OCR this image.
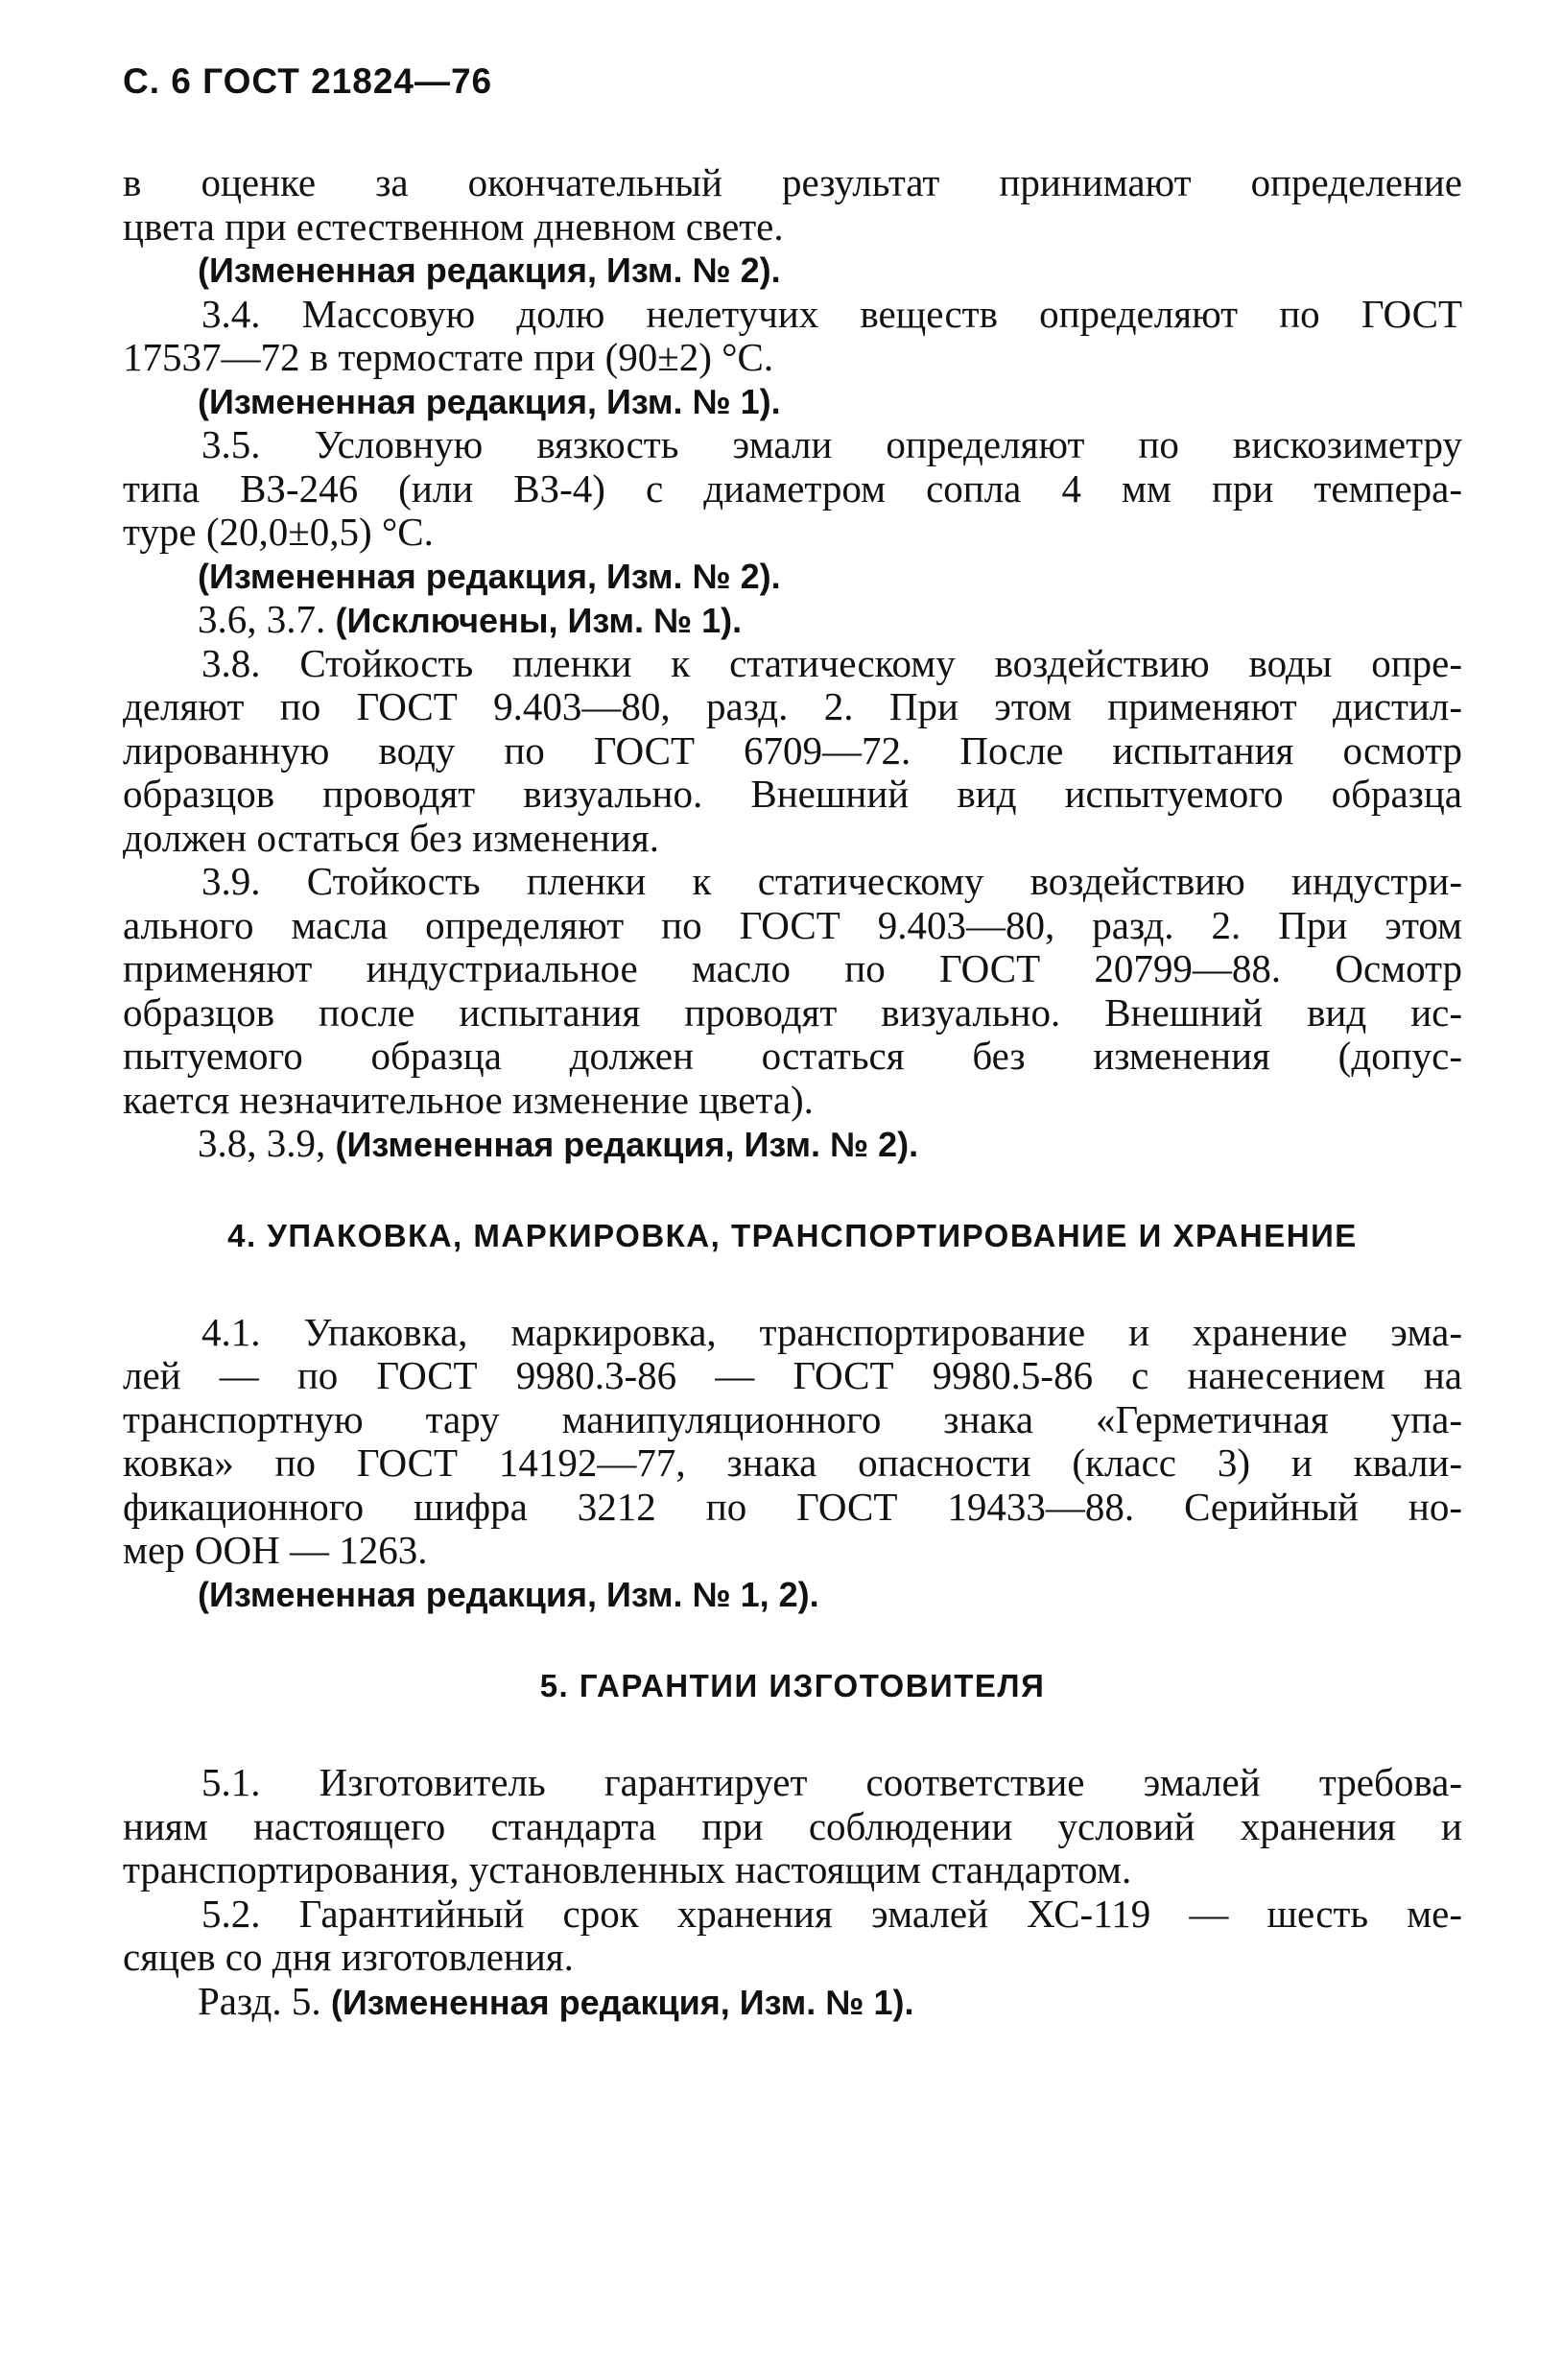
С. 6 ГОСТ 21824—76
в оценке за окончательный результат принимают определение
цвета при естественном дневном свете.
(Измененная редакция, Изм. № 2).
3.4. Массовую долю нелетучих веществ определяют по ГОСТ
17537—72 в термостате при (90±2) °С.
(Измененная редакция, Изм. № 1).
3.5. Условную вязкость эмали определяют по вискозиметру
типа ВЗ-246 (или ВЗ-4) с диаметром сопла 4 мм при темпера-
туре (20,0±0,5) °С.
(Измененная редакция, Изм. № 2).
3.6, 3.7. (Исключены, Изм. № 1).
3.8. Стойкость пленки к статическому воздействию воды опре-
деляют по ГОСТ 9.403—80, разд. 2. При этом применяют дистил-
лированную воду по ГОСТ 6709—72. После испытания осмотр
образцов проводят визуально. Внешний вид испытуемого образца
должен остаться без изменения.
3.9. Стойкость пленки к статическому воздействию индустри-
ального масла определяют по ГОСТ 9.403—80, разд. 2. При этом
применяют индустриальное масло по ГОСТ 20799—88. Осмотр
образцов после испытания проводят визуально. Внешний вид ис-
пытуемого образца должен остаться без изменения (допус-
кается незначительное изменение цвета).
3.8, 3.9, (Измененная редакция, Изм. № 2).
4. УПАКОВКА, МАРКИРОВКА, ТРАНСПОРТИРОВАНИЕ И ХРАНЕНИЕ
4.1. Упаковка, маркировка, транспортирование и хранение эма-
лей — по ГОСТ 9980.3-86 — ГОСТ 9980.5-86 с нанесением на
транспортную тару манипуляционного знака «Герметичная упа-
ковка» по ГОСТ 14192—77, знака опасности (класс 3) и квали-
фикационного шифра 3212 по ГОСТ 19433—88. Серийный но-
мер ООН — 1263.
(Измененная редакция, Изм. № 1, 2).
5. ГАРАНТИИ ИЗГОТОВИТЕЛЯ
5.1. Изготовитель гарантирует соответствие эмалей требова-
ниям настоящего стандарта при соблюдении условий хранения и
транспортирования, установленных настоящим стандартом.
5.2. Гарантийный срок хранения эмалей ХС-119 — шесть ме-
сяцев со дня изготовления.
Разд. 5. (Измененная редакция, Изм. № 1).
